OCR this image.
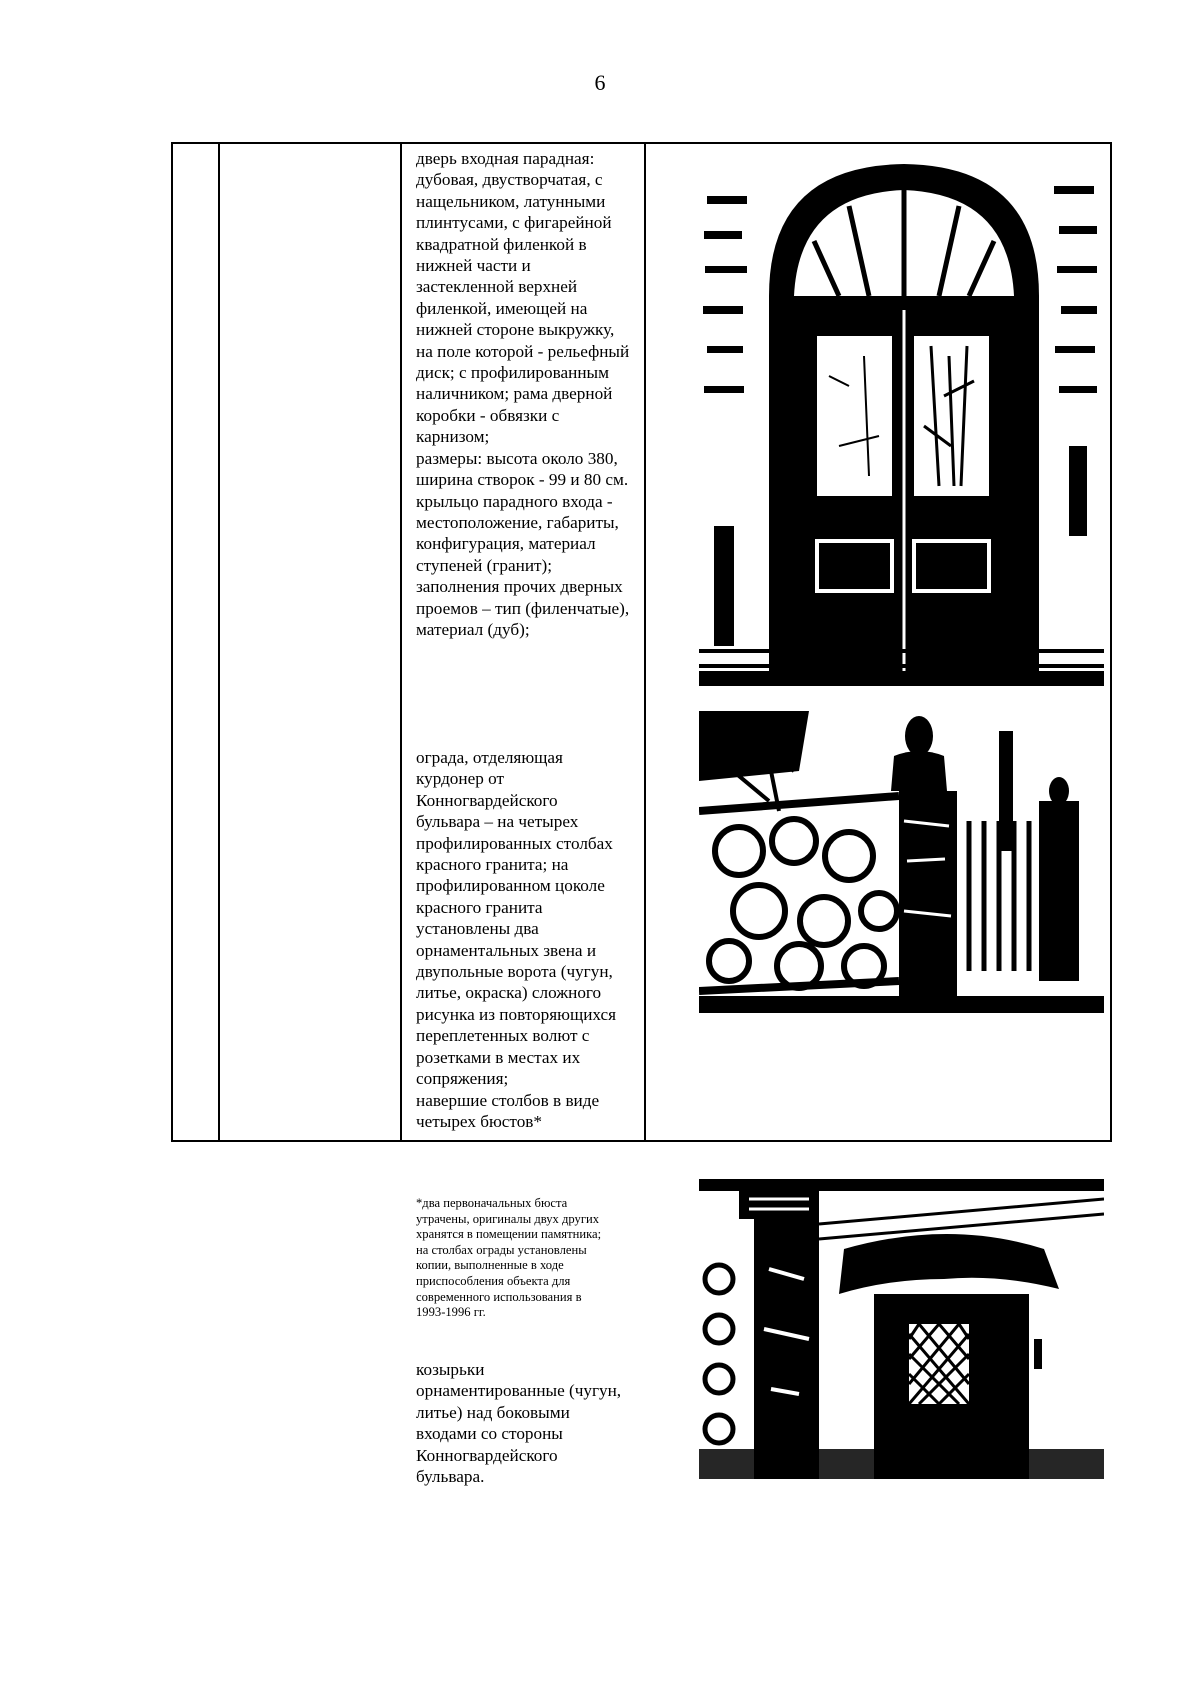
6

дверь входная парадная:

дубовая, двустворчатая, с

нащельником, латунными

плинтусами, с фигарейной

квадратной филенкой в

нижней части и

застекленной верхней

филенкой, имеющей на

нижней стороне выкружку,

на поле которой - рельефный

диск; с профилированным

наличником; рама дверной

коробки - обвязки с

карнизом;

размеры: высота около 380,

ширина створок - 99 и 80 см.

крыльцо парадного входа -

местоположение, габариты,

конфигурация, материал

ступеней (гранит);

заполнения прочих дверных

проемов – тип (филенчатые),

материал (дуб);

ограда, отделяющая

курдонер от

Конногвардейского

бульвара – на четырех

профилированных столбах

красного гранита; на

профилированном цоколе

красного гранита

установлены два

орнаментальных звена и

двупольные ворота (чугун,

литье, окраска) сложного

рисунка из повторяющихся

переплетенных волют с

розетками в местах их

сопряжения;

навершие столбов в виде

четырех бюстов*

*два первоначальных бюста

утрачены, оригиналы двух других

хранятся в помещении памятника;

на столбах ограды установлены

копии, выполненные в ходе

приспособления объекта для

современного использования в

1993-1996 гг.

козырьки

орнаментированные (чугун,

литье) над боковыми

входами со стороны

Конногвардейского

бульвара.
